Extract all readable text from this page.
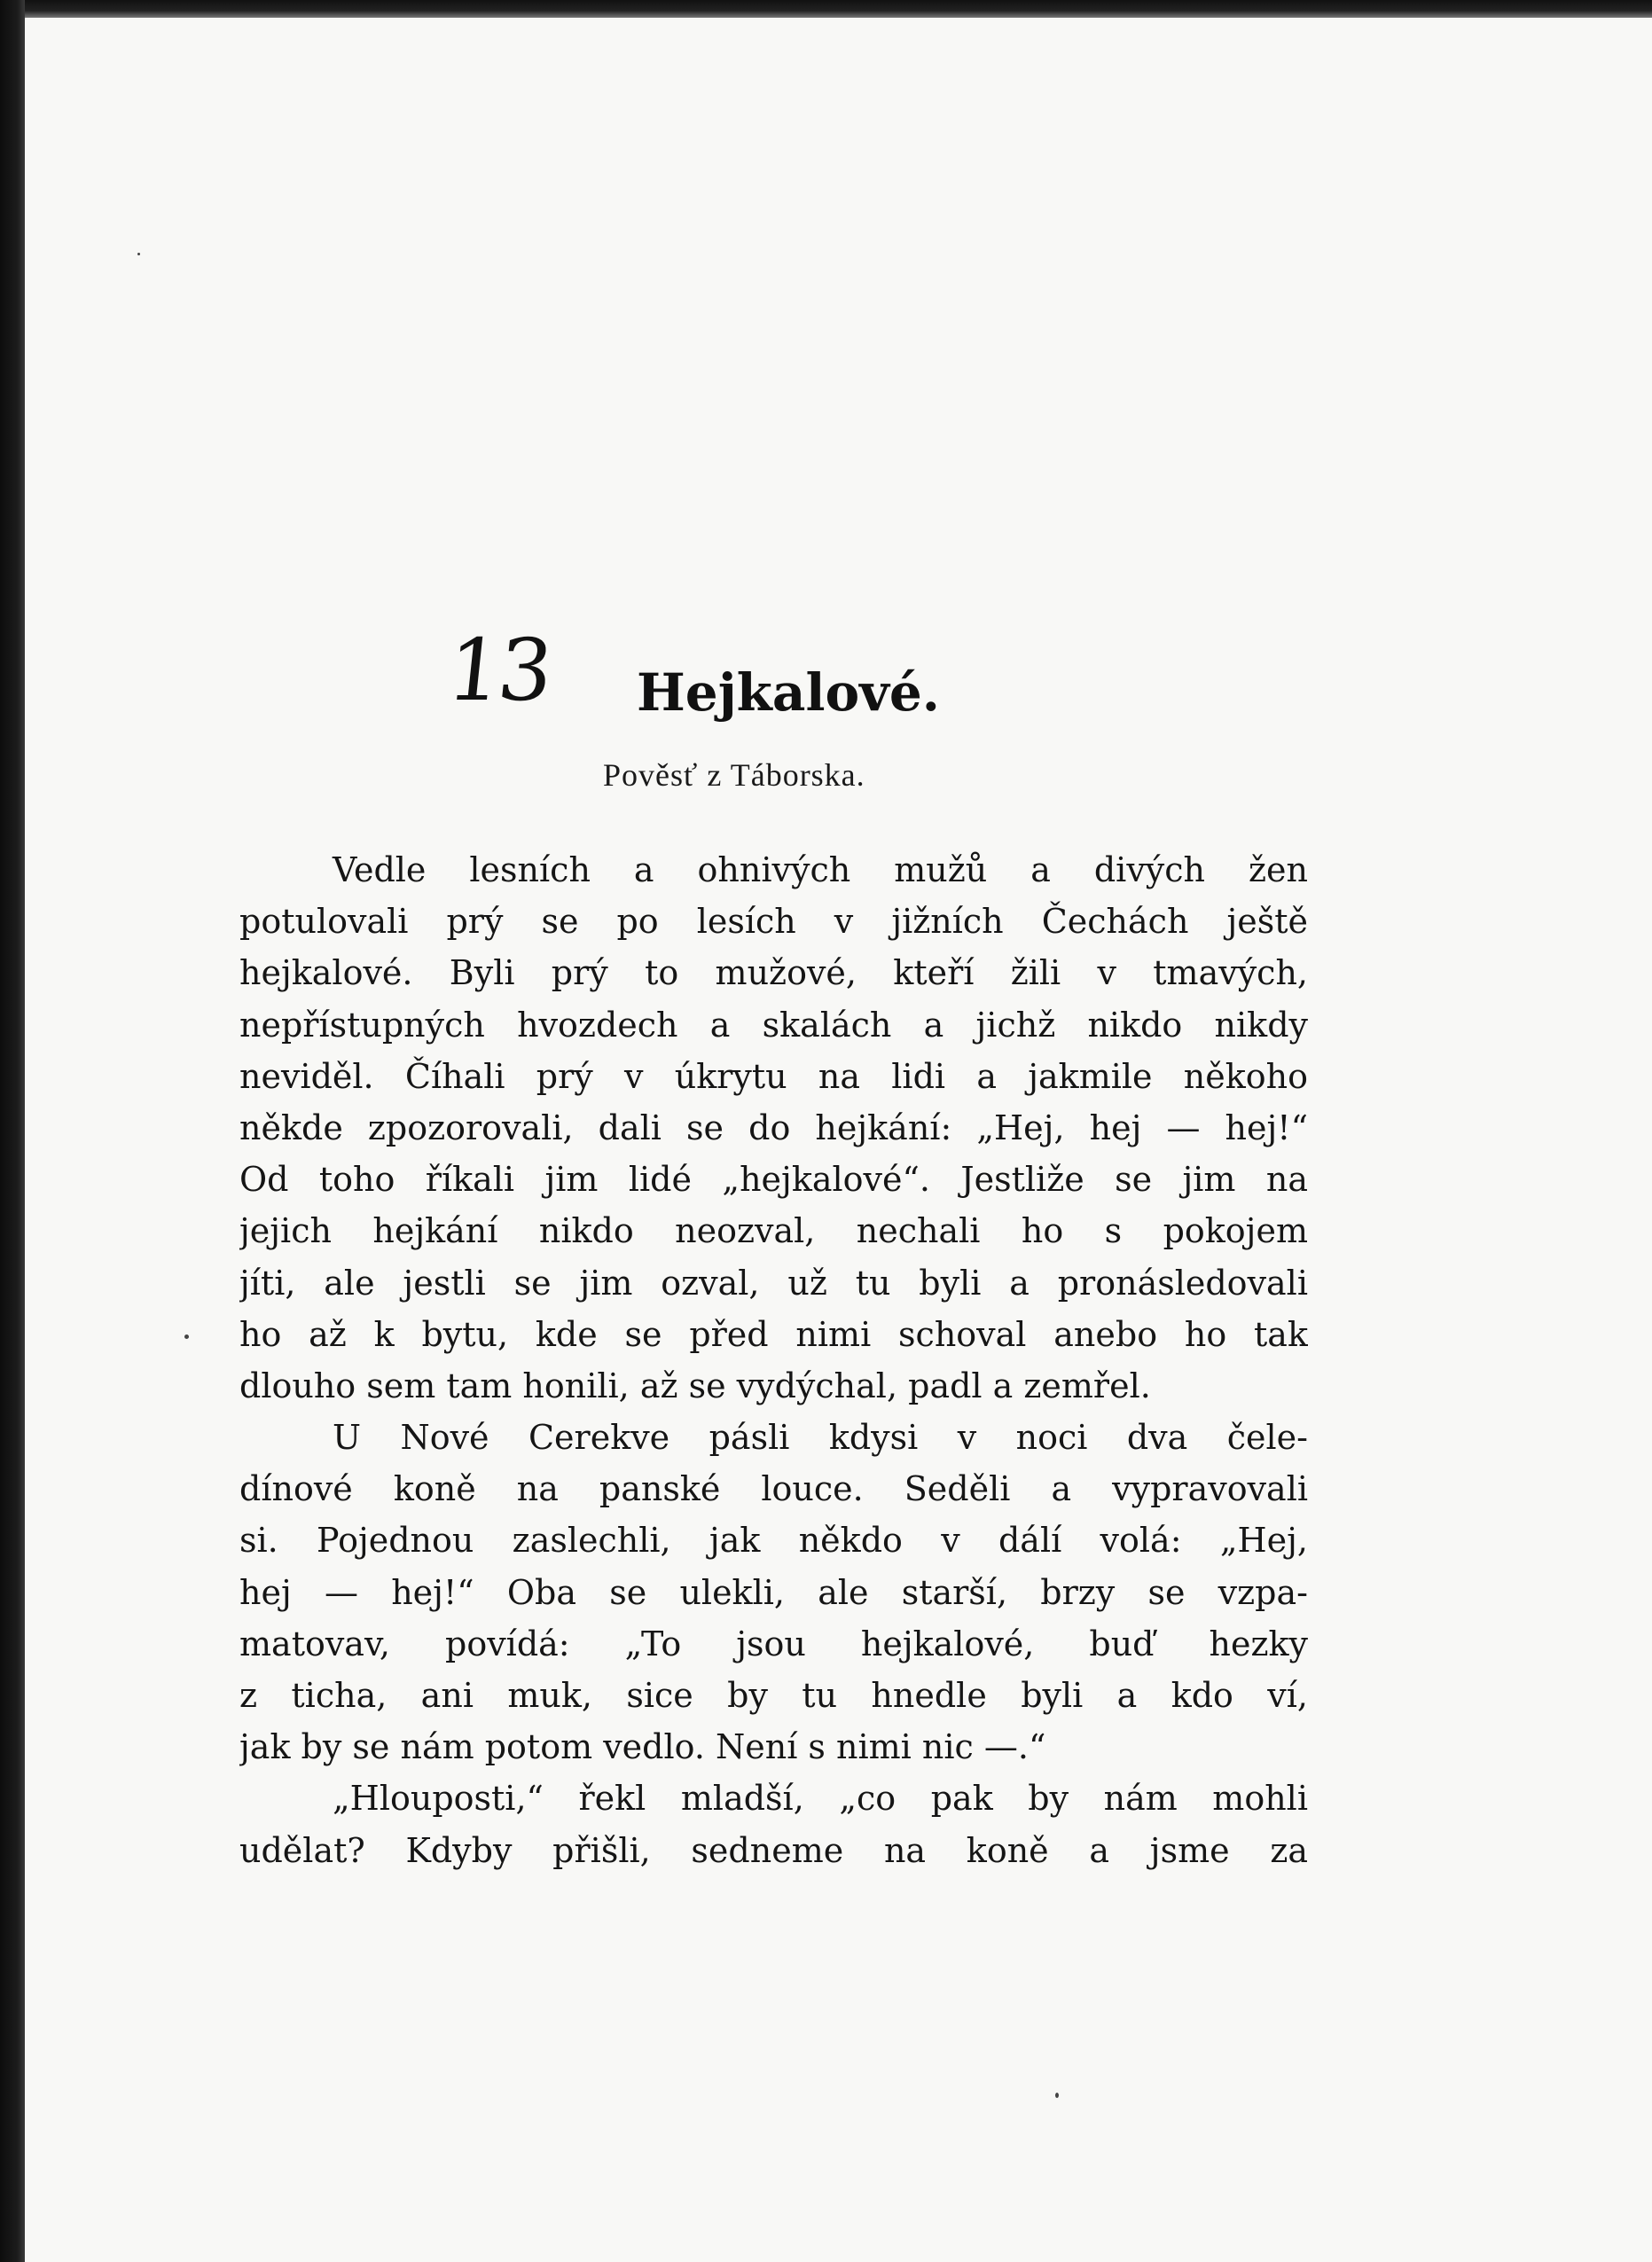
13 Hejkalové.
Pověsť z Táborska.
Vedle lesních a ohnivých mužů a divých žen
potulovali prý se po lesích v jižních Čechách ještě
hejkalové. Byli prý to mužové, kteří žili v tmavých,
nepřístupných hvozdech a skalách a jichž nikdo nikdy
neviděl. Číhali prý v úkrytu na lidi a jakmile někoho
někde zpozorovali, dali se do hejkání: „Hej, hej — hej!“
Od toho říkali jim lidé „hejkalové“. Jestliže se jim na
jejich hejkání nikdo neozval, nechali ho s pokojem
jíti, ale jestli se jim ozval, už tu byli a pronásledovali
ho až k bytu, kde se před nimi schoval anebo ho tak
dlouho sem tam honili, až se vydýchal, padl a zemřel.
U Nové Cerekve pásli kdysi v noci dva čele-
dínové koně na panské louce. Seděli a vypravovali
si. Pojednou zaslechli, jak někdo v dálí volá: „Hej,
hej — hej!“ Oba se ulekli, ale starší, brzy se vzpa-
matovav, povídá: „To jsou hejkalové, buď hezky
z ticha, ani muk, sice by tu hnedle byli a kdo ví,
jak by se nám potom vedlo. Není s nimi nic —.“
„Hlouposti,“ řekl mladší, „co pak by nám mohli
udělat? Kdyby přišli, sedneme na koně a jsme za
